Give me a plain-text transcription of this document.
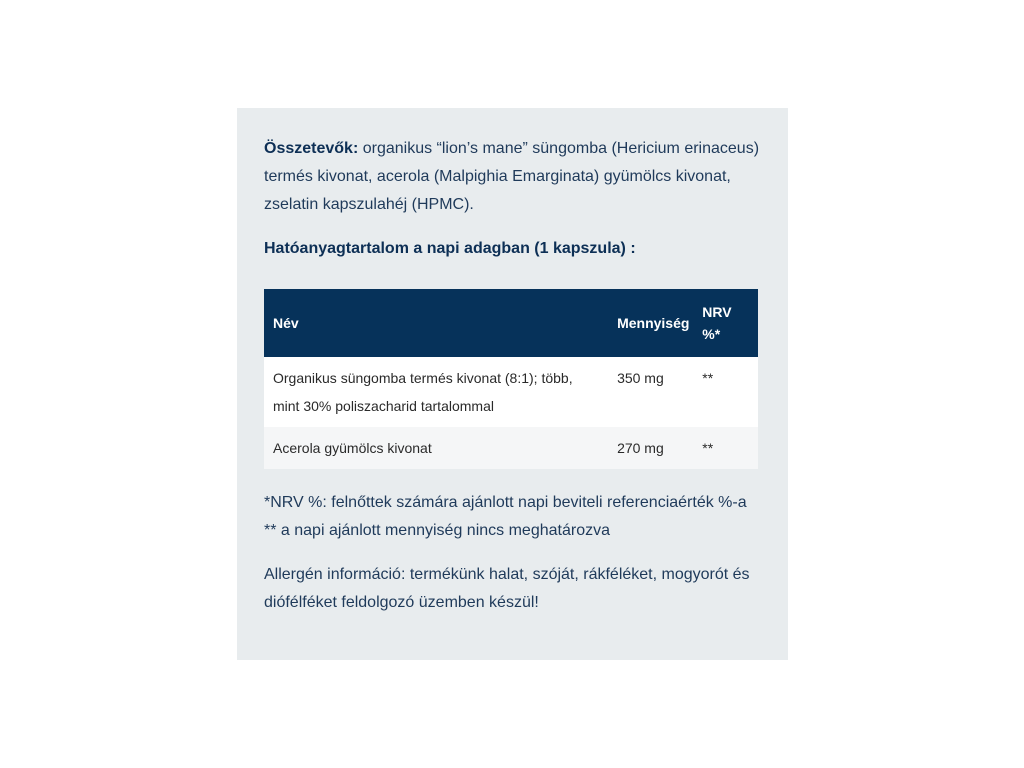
Összetevők: organikus “lion’s mane” süngomba (Hericium erinaceus) termés kivonat, acerola (Malpighia Emarginata) gyümölcs kivonat, zselatin kapszulahéj (HPMC).

Hatóanyagtartalom a napi adagban (1 kapszula) :

Név	Mennyiség	NRV %*
Organikus süngomba termés kivonat (8:1); több, mint 30% poliszacharid tartalommal	350 mg	**
Acerola gyümölcs kivonat	270 mg	**

*NRV %: felnőttek számára ajánlott napi beviteli referenciaérték %-a
** a napi ajánlott mennyiség nincs meghatározva

Allergén információ: termékünk halat, szóját, rákféléket, mogyorót és diófélféket feldolgozó üzemben készül!
